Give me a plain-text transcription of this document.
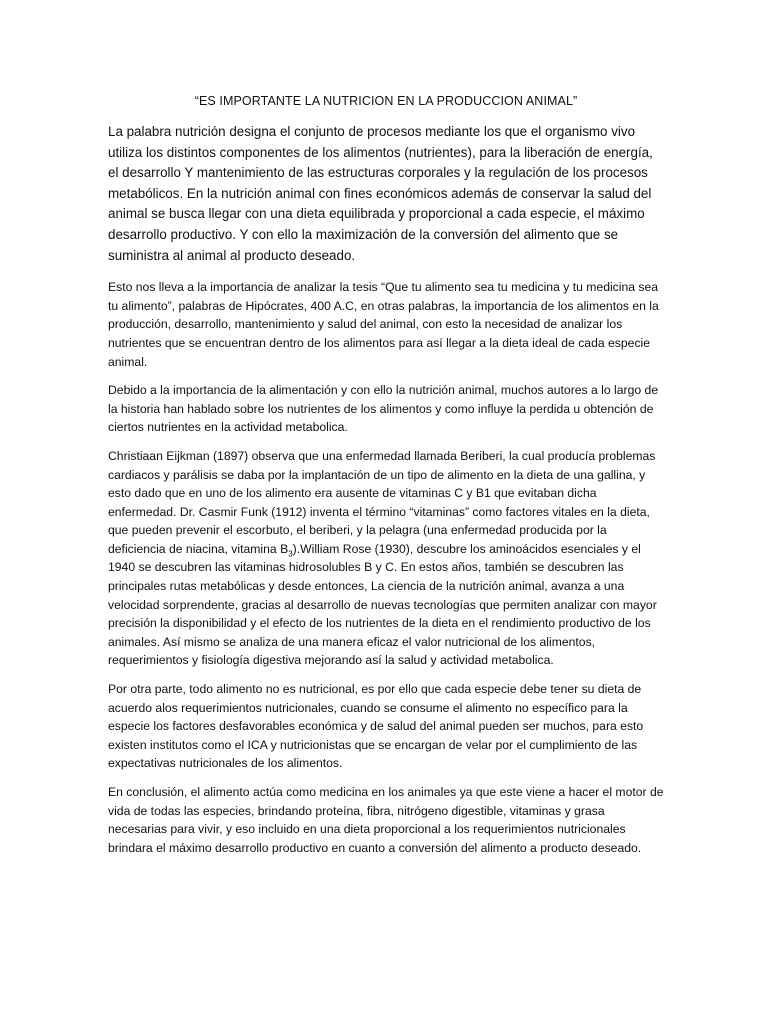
“ES IMPORTANTE LA NUTRICION EN LA PRODUCCION ANIMAL”

La palabra nutrición designa el conjunto de procesos mediante los que el organismo vivo utiliza los distintos componentes de los alimentos (nutrientes), para la liberación de energía, el desarrollo Y mantenimiento de las estructuras corporales y la regulación de los procesos metabólicos. En la nutrición animal con fines económicos además de conservar la salud del animal se busca llegar con una dieta equilibrada y proporcional a cada especie, el máximo desarrollo productivo. Y con ello la maximización de la conversión del alimento que se suministra al animal al producto deseado.

Esto nos lleva a la importancia de analizar la tesis “Que tu alimento sea tu medicina y tu medicina sea tu alimento”, palabras de Hipócrates, 400 A.C, en otras palabras, la importancia de los alimentos en la producción, desarrollo, mantenimiento y salud del animal, con esto la necesidad de analizar los nutrientes que se encuentran dentro de los alimentos para así llegar a la dieta ideal de cada especie animal.

Debido a la importancia de la alimentación y con ello la nutrición animal, muchos autores a lo largo de la historia han hablado sobre los nutrientes de los alimentos y como influye la perdida u obtención de ciertos nutrientes en la actividad metabolica.

Christiaan Eijkman (1897) observa que una enfermedad llamada Beriberi, la cual producía problemas cardiacos y parálisis se daba por la implantación de un tipo de alimento en la dieta de una gallina, y esto dado que en uno de los alimento era ausente de vitaminas C y B1 que evitaban dicha enfermedad. Dr. Casmir Funk (1912) inventa el término “vitaminas” como factores vitales en la dieta, que pueden prevenir el escorbuto, el beriberi, y la pelagra (una enfermedad producida por la deficiencia de niacina, vitamina $B_3).William$ Rose (1930), descubre los aminoácidos esenciales y el 1940 se descubren las vitaminas hidrosolubles B y C. En estos años, también se descubren las principales rutas metabólicas y desde entonces, La ciencia de la nutrición animal, avanza a una velocidad sorprendente, gracias al desarrollo de nuevas tecnologías que permiten analizar con mayor precisión la disponibilidad y el efecto de los nutrientes de la dieta en el rendimiento productivo de los animales. Así mismo se analiza de una manera eficaz el valor nutricional de los alimentos, requerimientos y fisiología digestiva mejorando así la salud y actividad metabolica.

Por otra parte, todo alimento no es nutricional, es por ello que cada especie debe tener su dieta de acuerdo alos requerimientos nutricionales, cuando se consume el alimento no específico para la especie los factores desfavorables económica y de salud del animal pueden ser muchos, para esto existen institutos como el ICA y nutricionistas que se encargan de velar por el cumplimiento de las expectativas nutricionales de los alimentos.

En conclusión, el alimento actúa como medicina en los animales ya que este viene a hacer el motor de vida de todas las especies, brindando proteína, fibra, nitrógeno digestible, vitaminas y grasa necesarias para vivir, y eso incluido en una dieta proporcional a los requerimientos nutricionales brindara el máximo desarrollo productivo en cuanto a conversión del alimento a producto deseado.
